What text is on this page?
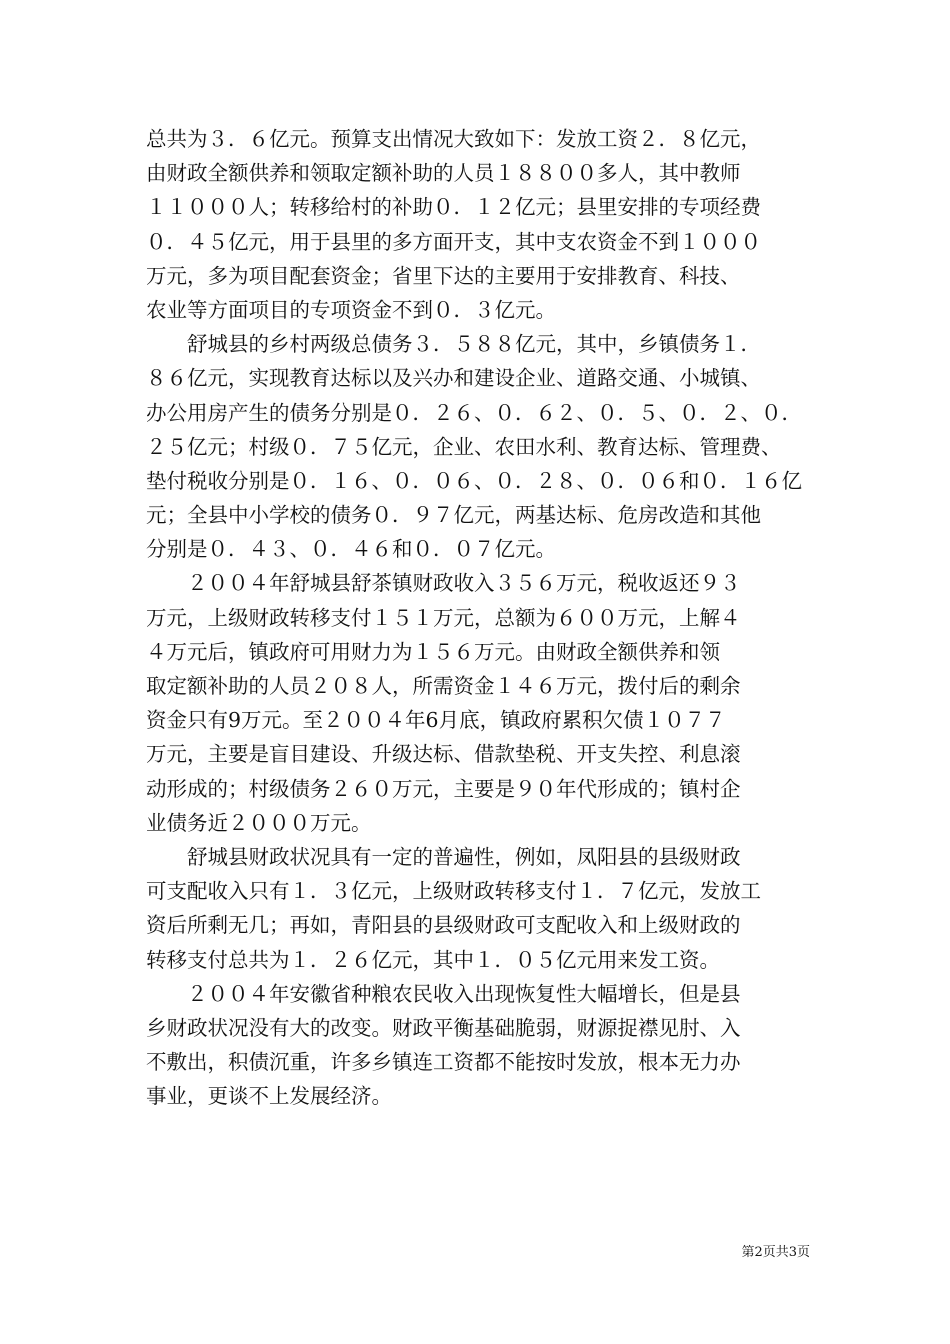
总共为３．６亿元。预算支出情况大致如下：发放工资２．８亿元，
由财政全额供养和领取定额补助的人员１８８００多人，其中教师
１１０００人；转移给村的补助０．１２亿元；县里安排的专项经费
０．４５亿元，用于县里的多方面开支，其中支农资金不到１０００
万元，多为项目配套资金；省里下达的主要用于安排教育、科技、
农业等方面项目的专项资金不到０．３亿元。
舒城县的乡村两级总债务３．５８８亿元，其中，乡镇债务１．
８６亿元，实现教育达标以及兴办和建设企业、道路交通、小城镇、
办公用房产生的债务分别是０．２６、０．６２、０．５、０．２、０．
２５亿元；村级０．７５亿元，企业、农田水利、教育达标、管理费、
垫付税收分别是０．１６、０．０６、０．２８、０．０６和０．１６亿
元；全县中小学校的债务０．９７亿元，两基达标、危房改造和其他
分别是０．４３、０．４６和０．０７亿元。
２００４年舒城县舒茶镇财政收入３５６万元，税收返还９３
万元，上级财政转移支付１５１万元，总额为６００万元，上解４
４万元后，镇政府可用财力为１５６万元。由财政全额供养和领
取定额补助的人员２０８人，所需资金１４６万元，拨付后的剩余
资金只有9万元。至２００４年6月底，镇政府累积欠债１０７７
万元，主要是盲目建设、升级达标、借款垫税、开支失控、利息滚
动形成的；村级债务２６０万元，主要是９０年代形成的；镇村企
业债务近２０００万元。
舒城县财政状况具有一定的普遍性，例如，凤阳县的县级财政
可支配收入只有１．３亿元，上级财政转移支付１．７亿元，发放工
资后所剩无几；再如，青阳县的县级财政可支配收入和上级财政的
转移支付总共为１．２６亿元，其中１．０５亿元用来发工资。
２００４年安徽省种粮农民收入出现恢复性大幅增长，但是县
乡财政状况没有大的改变。财政平衡基础脆弱，财源捉襟见肘、入
不敷出，积债沉重，许多乡镇连工资都不能按时发放，根本无力办
事业，更谈不上发展经济。
第2页共3页
